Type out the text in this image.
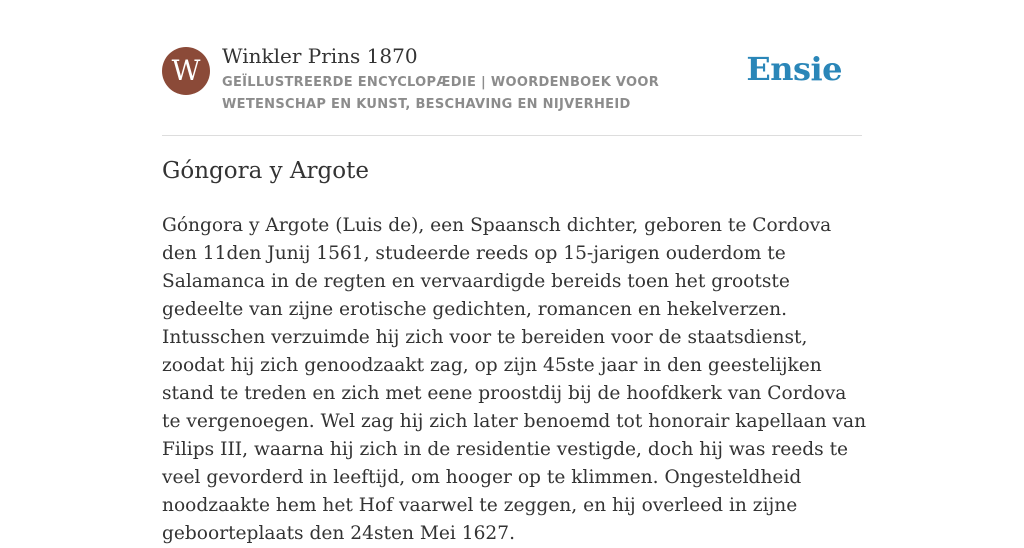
W	Winkler Prins 1870
GEÏLLUSTREERDE ENCYCLOPÆDIE | WOORDENBOEK VOOR WETENSCHAP EN KUNST, BESCHAVING EN NIJVERHEID
Ensie
Góngora y Argote

Góngora y Argote (Luis de), een Spaansch dichter, geboren te Cordova den 11den Junij 1561, studeerde reeds op 15-jarigen ouderdom te Salamanca in de regten en vervaardigde bereids toen het grootste gedeelte van zijne erotische gedichten, romancen en hekelverzen. Intusschen verzuimde hij zich voor te bereiden voor de staatsdienst, zoodat hij zich genoodzaakt zag, op zijn 45ste jaar in den geestelijken stand te treden en zich met eene proostdij bij de hoofdkerk van Cordova te vergenoegen. Wel zag hij zich later benoemd tot honorair kapellaan van Filips III, waarna hij zich in de residentie vestigde, doch hij was reeds te veel gevorderd in leeftijd, om hooger op te klimmen. Ongesteldheid noodzaakte hem het Hof vaarwel te zeggen, en hij overleed in zijne geboorteplaats den 24sten Mei 1627.
